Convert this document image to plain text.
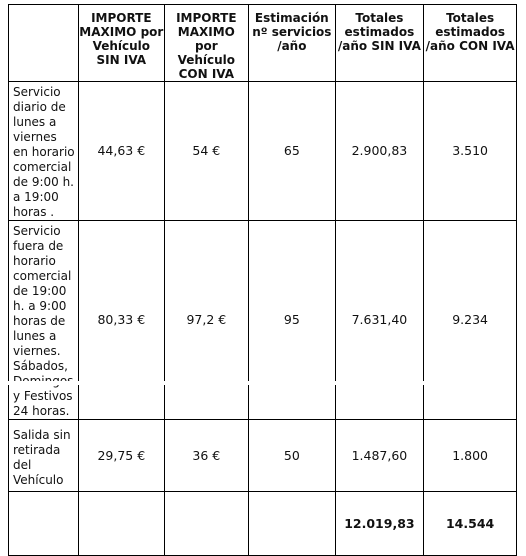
	IMPORTE MAXIMO por Vehículo SIN IVA	IMPORTE MAXIMO por Vehículo CON IVA	Estimación nº servicios /año	Totales estimados /año SIN IVA	Totales estimados /año CON IVA
Servicio diario de lunes a viernes en horario comercial de 9:00 h. a 19:00 horas .	44,63 €	54 €	65	2.900,83	3.510
Servicio fuera de horario comercial de 19:00 h. a 9:00 horas de lunes a viernes. Sábados, y Festivos 24 horas.	80,33 €	97,2 €	95	7.631,40	9.234
Salida sin retirada del Vehículo	29,75 €	36 €	50	1.487,60	1.800
				12.019,83	14.544
